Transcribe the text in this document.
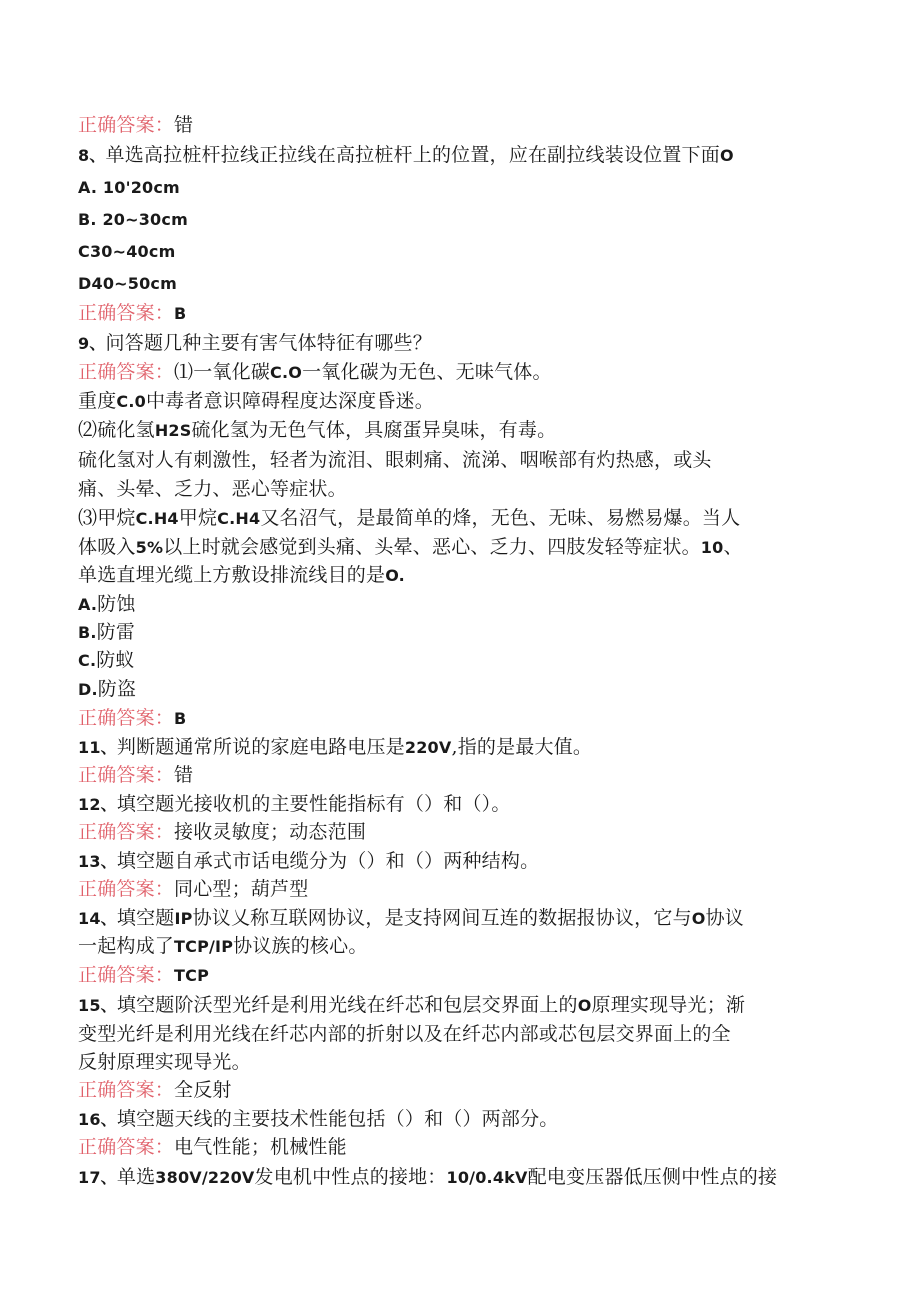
正确答案：错
8、单选高拉桩杆拉线正拉线在高拉桩杆上的位置，应在副拉线装设位置下面O
A. 10'20cm
B. 20~30cm
C30~40cm
D40~50cm
正确答案：B
9、问答题几种主要有害气体特征有哪些？
正确答案：⑴一氧化碳C.O一氧化碳为无色、无味气体。
重度C.0中毒者意识障碍程度达深度昏迷。
⑵硫化氢H2S硫化氢为无色气体，具腐蛋异臭味，有毒。
硫化氢对人有刺激性，轻者为流泪、眼刺痛、流涕、咽喉部有灼热感，或头
痛、头晕、乏力、恶心等症状。
⑶甲烷C.H4甲烷C.H4又名沼气，是最简单的烽，无色、无味、易燃易爆。当人
体吸入5%以上时就会感觉到头痛、头晕、恶心、乏力、四肢发轻等症状。10、
单选直埋光缆上方敷设排流线目的是O.
A.防蚀
B.防雷
C.防蚁
D.防盗
正确答案：B
11、判断题通常所说的家庭电路电压是220V,指的是最大值。
正确答案：错
12、填空题光接收机的主要性能指标有（）和（）。
正确答案：接收灵敏度；动态范围
13、填空题自承式市话电缆分为（）和（）两种结构。
正确答案：同心型；葫芦型
14、填空题IP协议乂称互联网协议，是支持网间互连的数据报协议，它与O协议
一起构成了TCP/IP协议族的核心。
正确答案：TCP
15、填空题阶沃型光纤是利用光线在纤芯和包层交界面上的O原理实现导光；渐
变型光纤是利用光线在纤芯内部的折射以及在纤芯内部或芯包层交界面上的全
反射原理实现导光。
正确答案：全反射
16、填空题天线的主要技术性能包括（）和（）两部分。
正确答案：电气性能；机械性能
17、单选380V/220V发电机中性点的接地：10/0.4kV配电变压器低压侧中性点的接
